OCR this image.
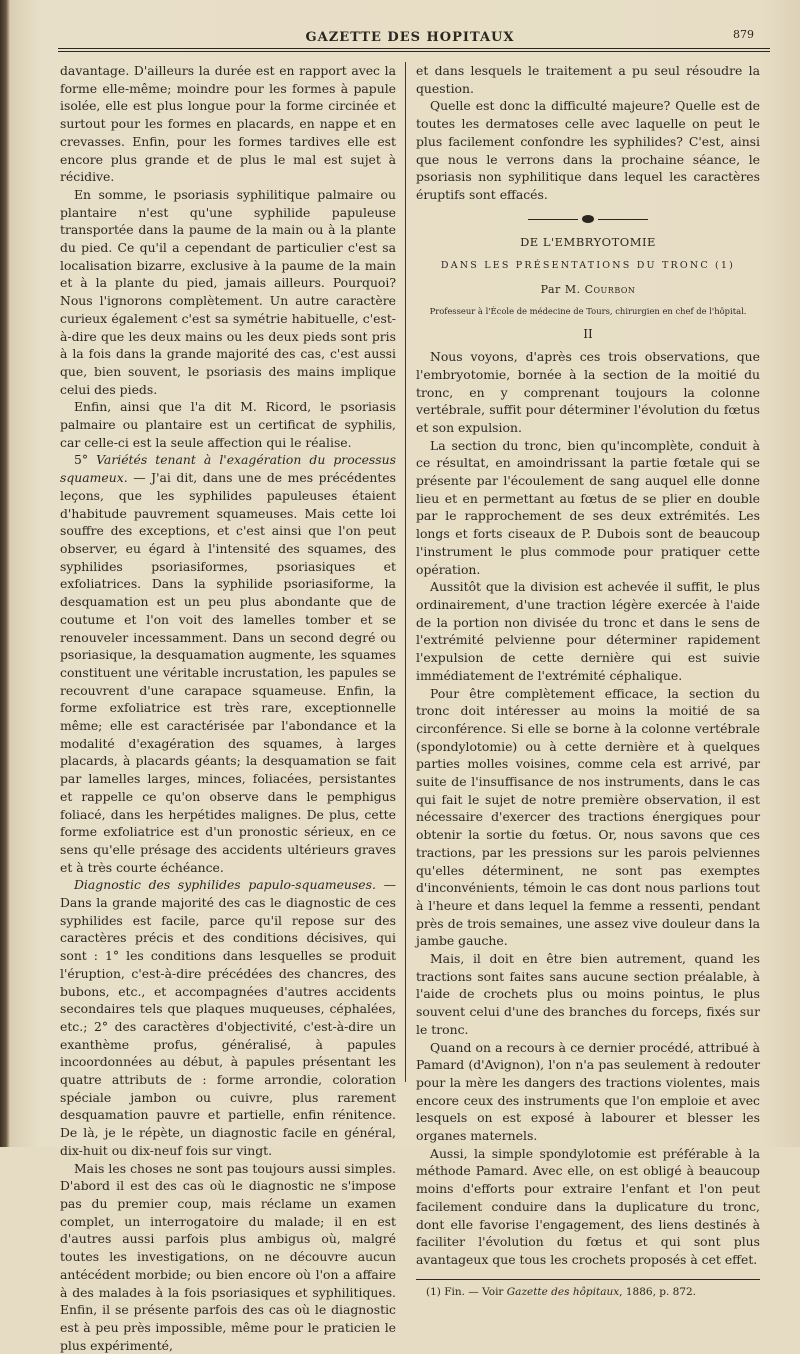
GAZETTE DES HOPITAUX	879

davantage. D'ailleurs la durée est en rapport avec la forme elle-même; moindre pour les formes à papule isolée, elle est plus longue pour la forme circinée et surtout pour les formes en placards, en nappe et en crevasses. Enfin, pour les formes tardives elle est encore plus grande et de plus le mal est sujet à récidive.

En somme, le psoriasis syphilitique palmaire ou plantaire n'est qu'une syphilide papuleuse transportée dans la paume de la main ou à la plante du pied. Ce qu'il a cependant de particulier c'est sa localisation bizarre, exclusive à la paume de la main et à la plante du pied, jamais ailleurs. Pourquoi? Nous l'ignorons complètement. Un autre caractère curieux également c'est sa symétrie habituelle, c'est-à-dire que les deux mains ou les deux pieds sont pris à la fois dans la grande majorité des cas, c'est aussi que, bien souvent, le psoriasis des mains implique celui des pieds.

Enfin, ainsi que l'a dit M. Ricord, le psoriasis palmaire ou plantaire est un certificat de syphilis, car celle-ci est la seule affection qui le réalise.

5° Variétés tenant à l'exagération du processus squameux. — J'ai dit, dans une de mes précédentes leçons, que les syphilides papuleuses étaient d'habitude pauvrement squameuses. Mais cette loi souffre des exceptions, et c'est ainsi que l'on peut observer, eu égard à l'intensité des squames, des syphilides psoriasiformes, psoriasiques et exfoliatrices. Dans la syphilide psoriasiforme, la desquamation est un peu plus abondante que de coutume et l'on voit des lamelles tomber et se renouveler incessamment. Dans un second degré ou psoriasique, la desquamation augmente, les squames constituent une véritable incrustation, les papules se recouvrent d'une carapace squameuse. Enfin, la forme exfoliatrice est très rare, exceptionnelle même; elle est caractérisée par l'abondance et la modalité d'exagération des squames, à larges placards, à placards géants; la desquamation se fait par lamelles larges, minces, foliacées, persistantes et rappelle ce qu'on observe dans le pemphigus foliacé, dans les herpétides malignes. De plus, cette forme exfoliatrice est d'un pronostic sérieux, en ce sens qu'elle présage des accidents ultérieurs graves et à très courte échéance.

Diagnostic des syphilides papulo-squameuses. — Dans la grande majorité des cas le diagnostic de ces syphilides est facile, parce qu'il repose sur des caractères précis et des conditions décisives, qui sont : 1° les conditions dans lesquelles se produit l'éruption, c'est-à-dire précédées des chancres, des bubons, etc., et accompagnées d'autres accidents secondaires tels que plaques muqueuses, céphalées, etc.; 2° des caractères d'objectivité, c'est-à-dire un exanthème profus, généralisé, à papules incoordonnées au début, à papules présentant les quatre attributs de : forme arrondie, coloration spéciale jambon ou cuivre, plus rarement desquamation pauvre et partielle, enfin rénitence. De là, je le répète, un diagnostic facile en général, dix-huit ou dix-neuf fois sur vingt.

Mais les choses ne sont pas toujours aussi simples. D'abord il est des cas où le diagnostic ne s'impose pas du premier coup, mais réclame un examen complet, un interrogatoire du malade; il en est d'autres aussi parfois plus ambigus où, malgré toutes les investigations, on ne découvre aucun antécédent morbide; ou bien encore où l'on a affaire à des malades à la fois psoriasiques et syphilitiques. Enfin, il se présente parfois des cas où le diagnostic est à peu près impossible, même pour le praticien le plus expérimenté,

et dans lesquels le traitement a pu seul résoudre la question.

Quelle est donc la difficulté majeure? Quelle est de toutes les dermatoses celle avec laquelle on peut le plus facilement confondre les syphilides? C'est, ainsi que nous le verrons dans la prochaine séance, le psoriasis non syphilitique dans lequel les caractères éruptifs sont effacés.

DE L'EMBRYOTOMIE
DANS LES PRÉSENTATIONS DU TRONC (1)
Par M. Courbon
Professeur à l'École de médecine de Tours, chirurgien en chef de l'hôpital.
II

Nous voyons, d'après ces trois observations, que l'embryotomie, bornée à la section de la moitié du tronc, en y comprenant toujours la colonne vertébrale, suffit pour déterminer l'évolution du fœtus et son expulsion.

La section du tronc, bien qu'incomplète, conduit à ce résultat, en amoindrissant la partie fœtale qui se présente par l'écoulement de sang auquel elle donne lieu et en permettant au fœtus de se plier en double par le rapprochement de ses deux extrémités. Les longs et forts ciseaux de P. Dubois sont de beaucoup l'instrument le plus commode pour pratiquer cette opération.

Aussitôt que la division est achevée il suffit, le plus ordinairement, d'une traction légère exercée à l'aide de la portion non divisée du tronc et dans le sens de l'extrémité pelvienne pour déterminer rapidement l'expulsion de cette dernière qui est suivie immédiatement de l'extrémité céphalique.

Pour être complètement efficace, la section du tronc doit intéresser au moins la moitié de sa circonférence. Si elle se borne à la colonne vertébrale (spondylotomie) ou à cette dernière et à quelques parties molles voisines, comme cela est arrivé, par suite de l'insuffisance de nos instruments, dans le cas qui fait le sujet de notre première observation, il est nécessaire d'exercer des tractions énergiques pour obtenir la sortie du fœtus. Or, nous savons que ces tractions, par les pressions sur les parois pelviennes qu'elles déterminent, ne sont pas exemptes d'inconvénients, témoin le cas dont nous parlions tout à l'heure et dans lequel la femme a ressenti, pendant près de trois semaines, une assez vive douleur dans la jambe gauche.

Mais, il doit en être bien autrement, quand les tractions sont faites sans aucune section préalable, à l'aide de crochets plus ou moins pointus, le plus souvent celui d'une des branches du forceps, fixés sur le tronc.

Quand on a recours à ce dernier procédé, attribué à Pamard (d'Avignon), l'on n'a pas seulement à redouter pour la mère les dangers des tractions violentes, mais encore ceux des instruments que l'on emploie et avec lesquels on est exposé à labourer et blesser les organes maternels.

Aussi, la simple spondylotomie est préférable à la méthode Pamard. Avec elle, on est obligé à beaucoup moins d'efforts pour extraire l'enfant et l'on peut facilement conduire dans la duplicature du tronc, dont elle favorise l'engagement, des liens destinés à faciliter l'évolution du fœtus et qui sont plus avantageux que tous les crochets proposés à cet effet.

(1) Fin. — Voir Gazette des hôpitaux, 1886, p. 872.
